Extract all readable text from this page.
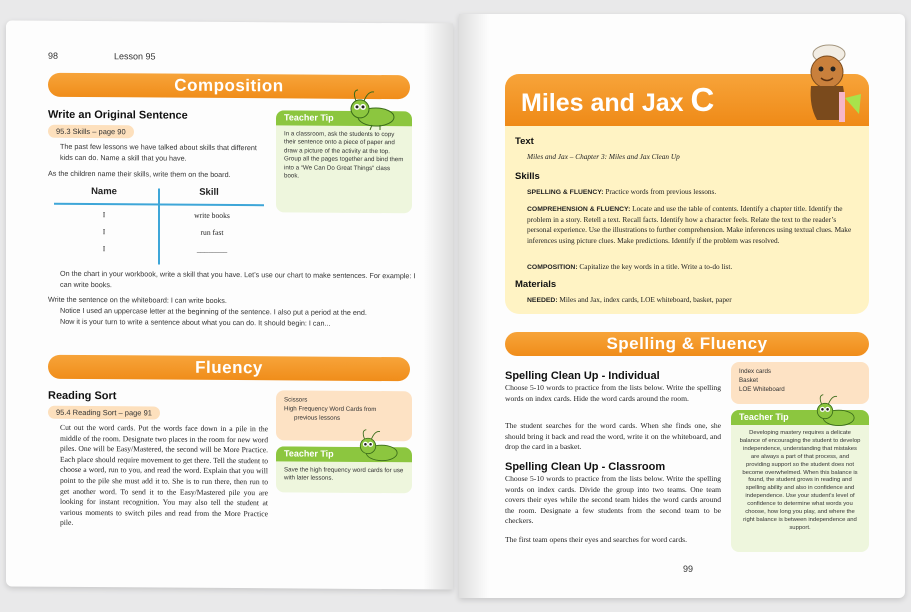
98	Lesson 95
Composition
Write an Original Sentence
95.3 Skills – page 90
The past few lessons we have talked about skills that different kids can do. Name a skill that you have.
As the children name their skills, write them on the board.
Name	Skill
I	write books
I	run fast
I	________
On the chart in your workbook, write a skill that you have. Let’s use our chart to make sentences. For example: I can write books.
Write the sentence on the whiteboard: I can write books.
Notice I used an uppercase letter at the beginning of the sentence. I also put a period at the end.
Now it is your turn to write a sentence about what you can do. It should begin: I can...
Teacher Tip
In a classroom, ask the students to copy their sentence onto a piece of paper and draw a picture of the activity at the top. Group all the pages together and bind them into a “We Can Do Great Things” class book.
Fluency
Reading Sort
95.4 Reading Sort – page 91
Cut out the word cards. Put the words face down in a pile in the middle of the room. Designate two places in the room for new word piles. One will be Easy/Mastered, the second will be More Practice. Each place should require movement to get there. Tell the student to choose a word, run to you, and read the word. Explain that you will point to the pile she must add it to. She is to run there, then run to get another word. To send it to the Easy/Mastered pile you are looking for instant recognition. You may also tell the student at various moments to switch piles and read from the More Practice pile.
Scissors
High Frequency Word Cards from
previous lessons
Teacher Tip
Save the high frequency word cards for use with later lessons.
Miles and Jax C
Text
Miles and Jax – Chapter 3: Miles and Jax Clean Up
Skills
SPELLING & FLUENCY: Practice words from previous lessons.
COMPREHENSION & FLUENCY: Locate and use the table of contents. Identify a chapter title. Identify the problem in a story. Retell a text. Recall facts. Identify how a character feels. Relate the text to the reader’s personal experience. Use the illustrations to further comprehension. Make inferences using textual clues. Make inferences using picture clues. Make predictions. Identify if the problem was resolved.
COMPOSITION: Capitalize the key words in a title. Write a to-do list.
Materials
NEEDED: Miles and Jax, index cards, LOE whiteboard, basket, paper
Spelling & Fluency
Spelling Clean Up - Individual
Choose 5-10 words to practice from the lists below. Write the spelling words on index cards. Hide the word cards around the room.
The student searches for the word cards. When she finds one, she should bring it back and read the word, write it on the whiteboard, and drop the card in a basket.
Spelling Clean Up - Classroom
Choose 5-10 words to practice from the lists below. Write the spelling words on index cards. Divide the group into two teams. One team covers their eyes while the second team hides the word cards around the room. Designate a few students from the second team to be checkers.
The first team opens their eyes and searches for word cards.
Index cards
Basket
LOE Whiteboard
Teacher Tip
Developing mastery requires a delicate balance of encouraging the student to develop independence, understanding that mistakes are always a part of that process, and providing support so the student does not become overwhelmed. When this balance is found, the student grows in reading and spelling ability and also in confidence and independence. Use your student’s level of confidence to determine what words you choose, how long you play, and where the right balance is between independence and support.
99
